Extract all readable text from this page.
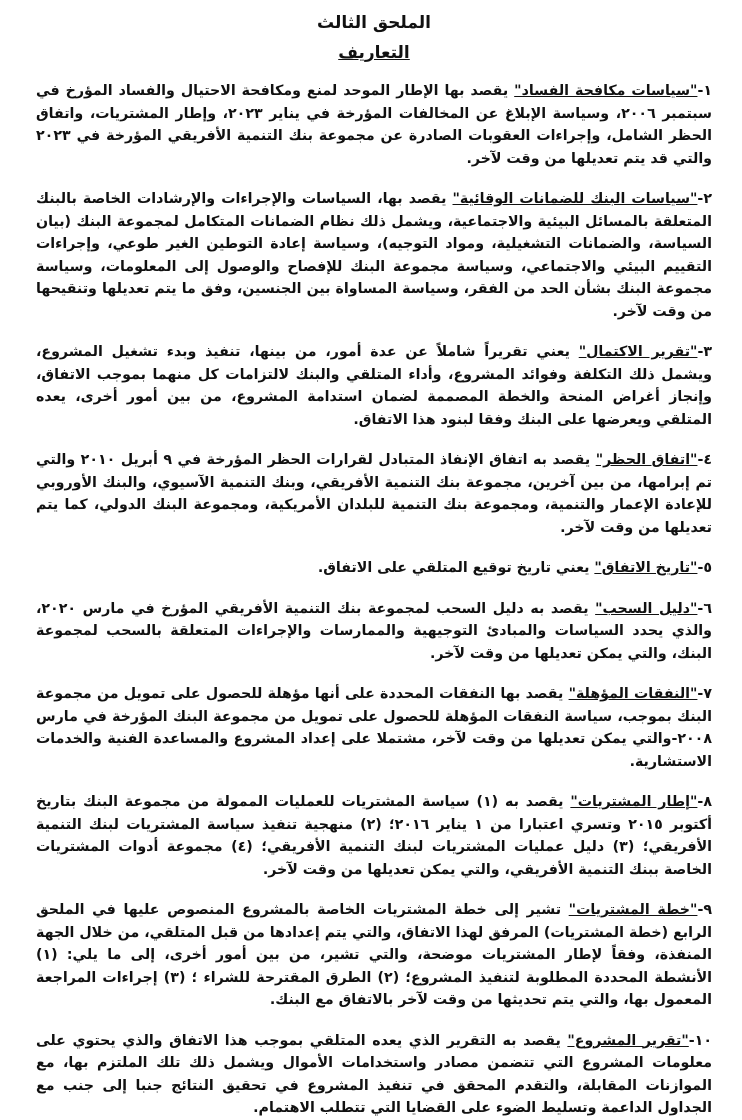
الملحق الثالث

التعاريف

١-"سياسات مكافحة الفساد" يقصد بها الإطار الموحد لمنع ومكافحة الاحتيال والفساد المؤرخ في سبتمبر ٢٠٠٦، وسياسة الإبلاغ عن المخالفات المؤرخة في يناير ٢٠٢٣، وإطار المشتريات، واتفاق الحظر الشامل، وإجراءات العقوبات الصادرة عن مجموعة بنك التنمية الأفريقي المؤرخة في ٢٠٢٣ والتي قد يتم تعديلها من وقت لآخر.

٢-"سياسات البنك للضمانات الوقائية" يقصد بها، السياسات والإجراءات والإرشادات الخاصة بالبنك المتعلقة بالمسائل البيئية والاجتماعية، ويشمل ذلك نظام الضمانات المتكامل لمجموعة البنك (بيان السياسة، والضمانات التشغيلية، ومواد التوجيه)، وسياسة إعادة التوطين الغير طوعي، وإجراءات التقييم البيئي والاجتماعي، وسياسة مجموعة البنك للإفصاح والوصول إلى المعلومات، وسياسة مجموعة البنك بشأن الحد من الفقر، وسياسة المساواة بين الجنسين، وفق ما يتم تعديلها وتنقيحها من وقت لآخر.

٣-"تقرير الاكتمال" يعني تقريراً شاملاً عن عدة أمور، من بينها، تنفيذ وبدء تشغيل المشروع، ويشمل ذلك التكلفة وفوائد المشروع، وأداء المتلقي والبنك لالتزامات كل منهما بموجب الاتفاق، وإنجاز أغراض المنحة والخطة المصممة لضمان استدامة المشروع، من بين أمور أخرى، يعده المتلقي ويعرضها على البنك وفقا لبنود هذا الاتفاق.

٤-"اتفاق الحظر" يقصد به اتفاق الإنفاذ المتبادل لقرارات الحظر المؤرخة في ٩ أبريل ٢٠١٠ والتي تم إبرامها، من بين آخرين، مجموعة بنك التنمية الأفريقي، وبنك التنمية الآسيوي، والبنك الأوروبي للإعادة الإعمار والتنمية، ومجموعة بنك التنمية للبلدان الأمريكية، ومجموعة البنك الدولي، كما يتم تعديلها من وقت لآخر.

٥-"تاريخ الاتفاق" يعني تاريخ توقيع المتلقي على الاتفاق.

٦-"دليل السحب" يقصد به دليل السحب لمجموعة بنك التنمية الأفريقي المؤرخ في مارس ٢٠٢٠، والذي يحدد السياسات والمبادئ التوجيهية والممارسات والإجراءات المتعلقة بالسحب لمجموعة البنك، والتي يمكن تعديلها من وقت لآخر.

٧-"النفقات المؤهلة" يقصد بها النفقات المحددة على أنها مؤهلة للحصول على تمويل من مجموعة البنك بموجب، سياسة النفقات المؤهلة للحصول على تمويل من مجموعة البنك المؤرخة في مارس ٢٠٠٨-والتي يمكن تعديلها من وقت لآخر، مشتملا على إعداد المشروع والمساعدة الفنية والخدمات الاستشارية.

٨-"إطار المشتريات" يقصد به (١) سياسة المشتريات للعمليات الممولة من مجموعة البنك بتاريخ أكتوبر ٢٠١٥ وتسري اعتبارا من ١ يناير ٢٠١٦؛ (٢) منهجية تنفيذ سياسة المشتريات لبنك التنمية الأفريقي؛ (٣) دليل عمليات المشتريات لبنك التنمية الأفريقي؛ (٤) مجموعة أدوات المشتريات الخاصة ببنك التنمية الأفريقي، والتي يمكن تعديلها من وقت لآخر.

٩-"خطة المشتريات" تشير إلى خطة المشتريات الخاصة بالمشروع المنصوص عليها في الملحق الرابع (خطة المشتريات) المرفق لهذا الاتفاق، والتي يتم إعدادها من قبل المتلقي، من خلال الجهة المنفذة، وفقاً لإطار المشتريات موضحة، والتي تشير، من بين أمور أخرى، إلى ما يلي: (١) الأنشطة المحددة المطلوبة لتنفيذ المشروع؛ (٢) الطرق المقترحة للشراء ؛ (٣) إجراءات المراجعة المعمول بها، والتي يتم تحديثها من وقت لآخر بالاتفاق مع البنك.

١٠-"تقرير المشروع" يقصد به التقرير الذي يعده المتلقي بموجب هذا الاتفاق والذي يحتوي على معلومات المشروع التي تتضمن مصادر واستخدامات الأموال ويشمل ذلك تلك الملتزم بها، مع الموازنات المقابلة، والتقدم المحقق في تنفيذ المشروع في تحقيق النتائج جنبا إلى جنب مع الجداول الداعمة وتسليط الضوء على القضايا التي تتطلب الاهتمام.
